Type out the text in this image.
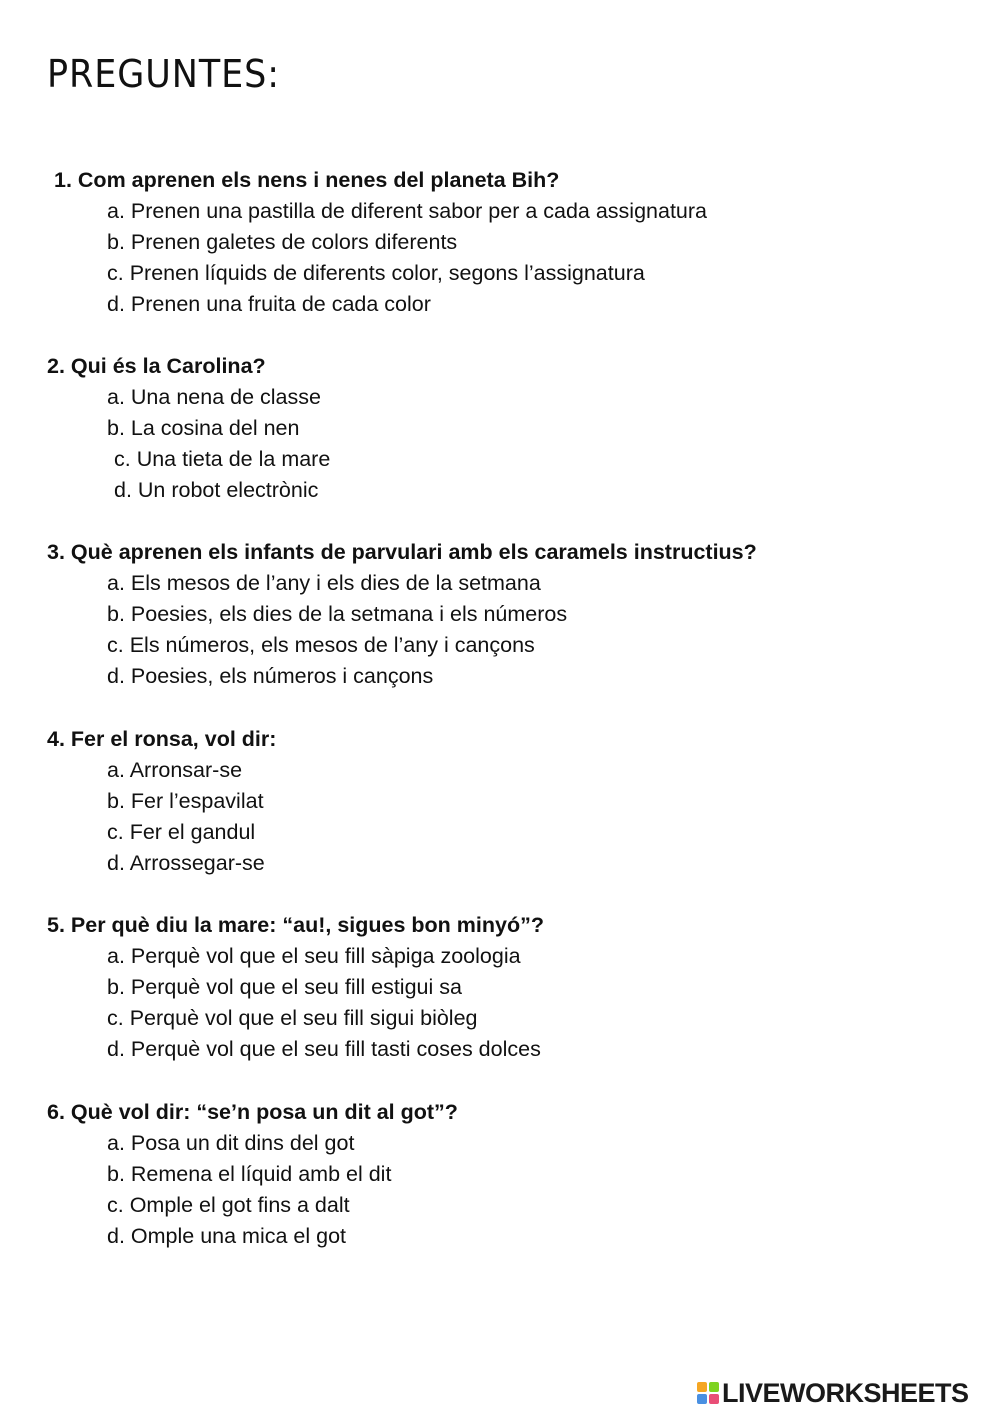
PREGUNTES:

1. Com aprenen els nens i nenes del planeta Bih?

a. Prenen una pastilla de diferent sabor per a cada assignatura
b. Prenen galetes de colors diferents
c. Prenen líquids de diferents color, segons l’assignatura
d. Prenen una fruita de cada color

2. Qui és la Carolina?

a. Una nena de classe
b. La cosina del nen
c. Una tieta de la mare
d. Un robot electrònic

3. Què aprenen els infants de parvulari amb els caramels instructius?

a. Els mesos de l’any i els dies de la setmana
b. Poesies, els dies de la setmana i els números
c. Els números, els mesos de l’any i cançons
d. Poesies, els números i cançons

4. Fer el ronsa, vol dir:

a. Arronsar-se
b. Fer l’espavilat
c. Fer el gandul
d. Arrossegar-se

5. Per què diu la mare: “au!, sigues bon minyó”?

a. Perquè vol que el seu fill sàpiga zoologia
b. Perquè vol que el seu fill estigui sa
c. Perquè vol que el seu fill sigui biòleg
d. Perquè vol que el seu fill tasti coses dolces

6. Què vol dir: “se’n posa un dit al got”?

a. Posa un dit dins del got
b. Remena el líquid amb el dit
c. Omple el got fins a dalt
d. Omple una mica el got
LIVEWORKSHEETS
